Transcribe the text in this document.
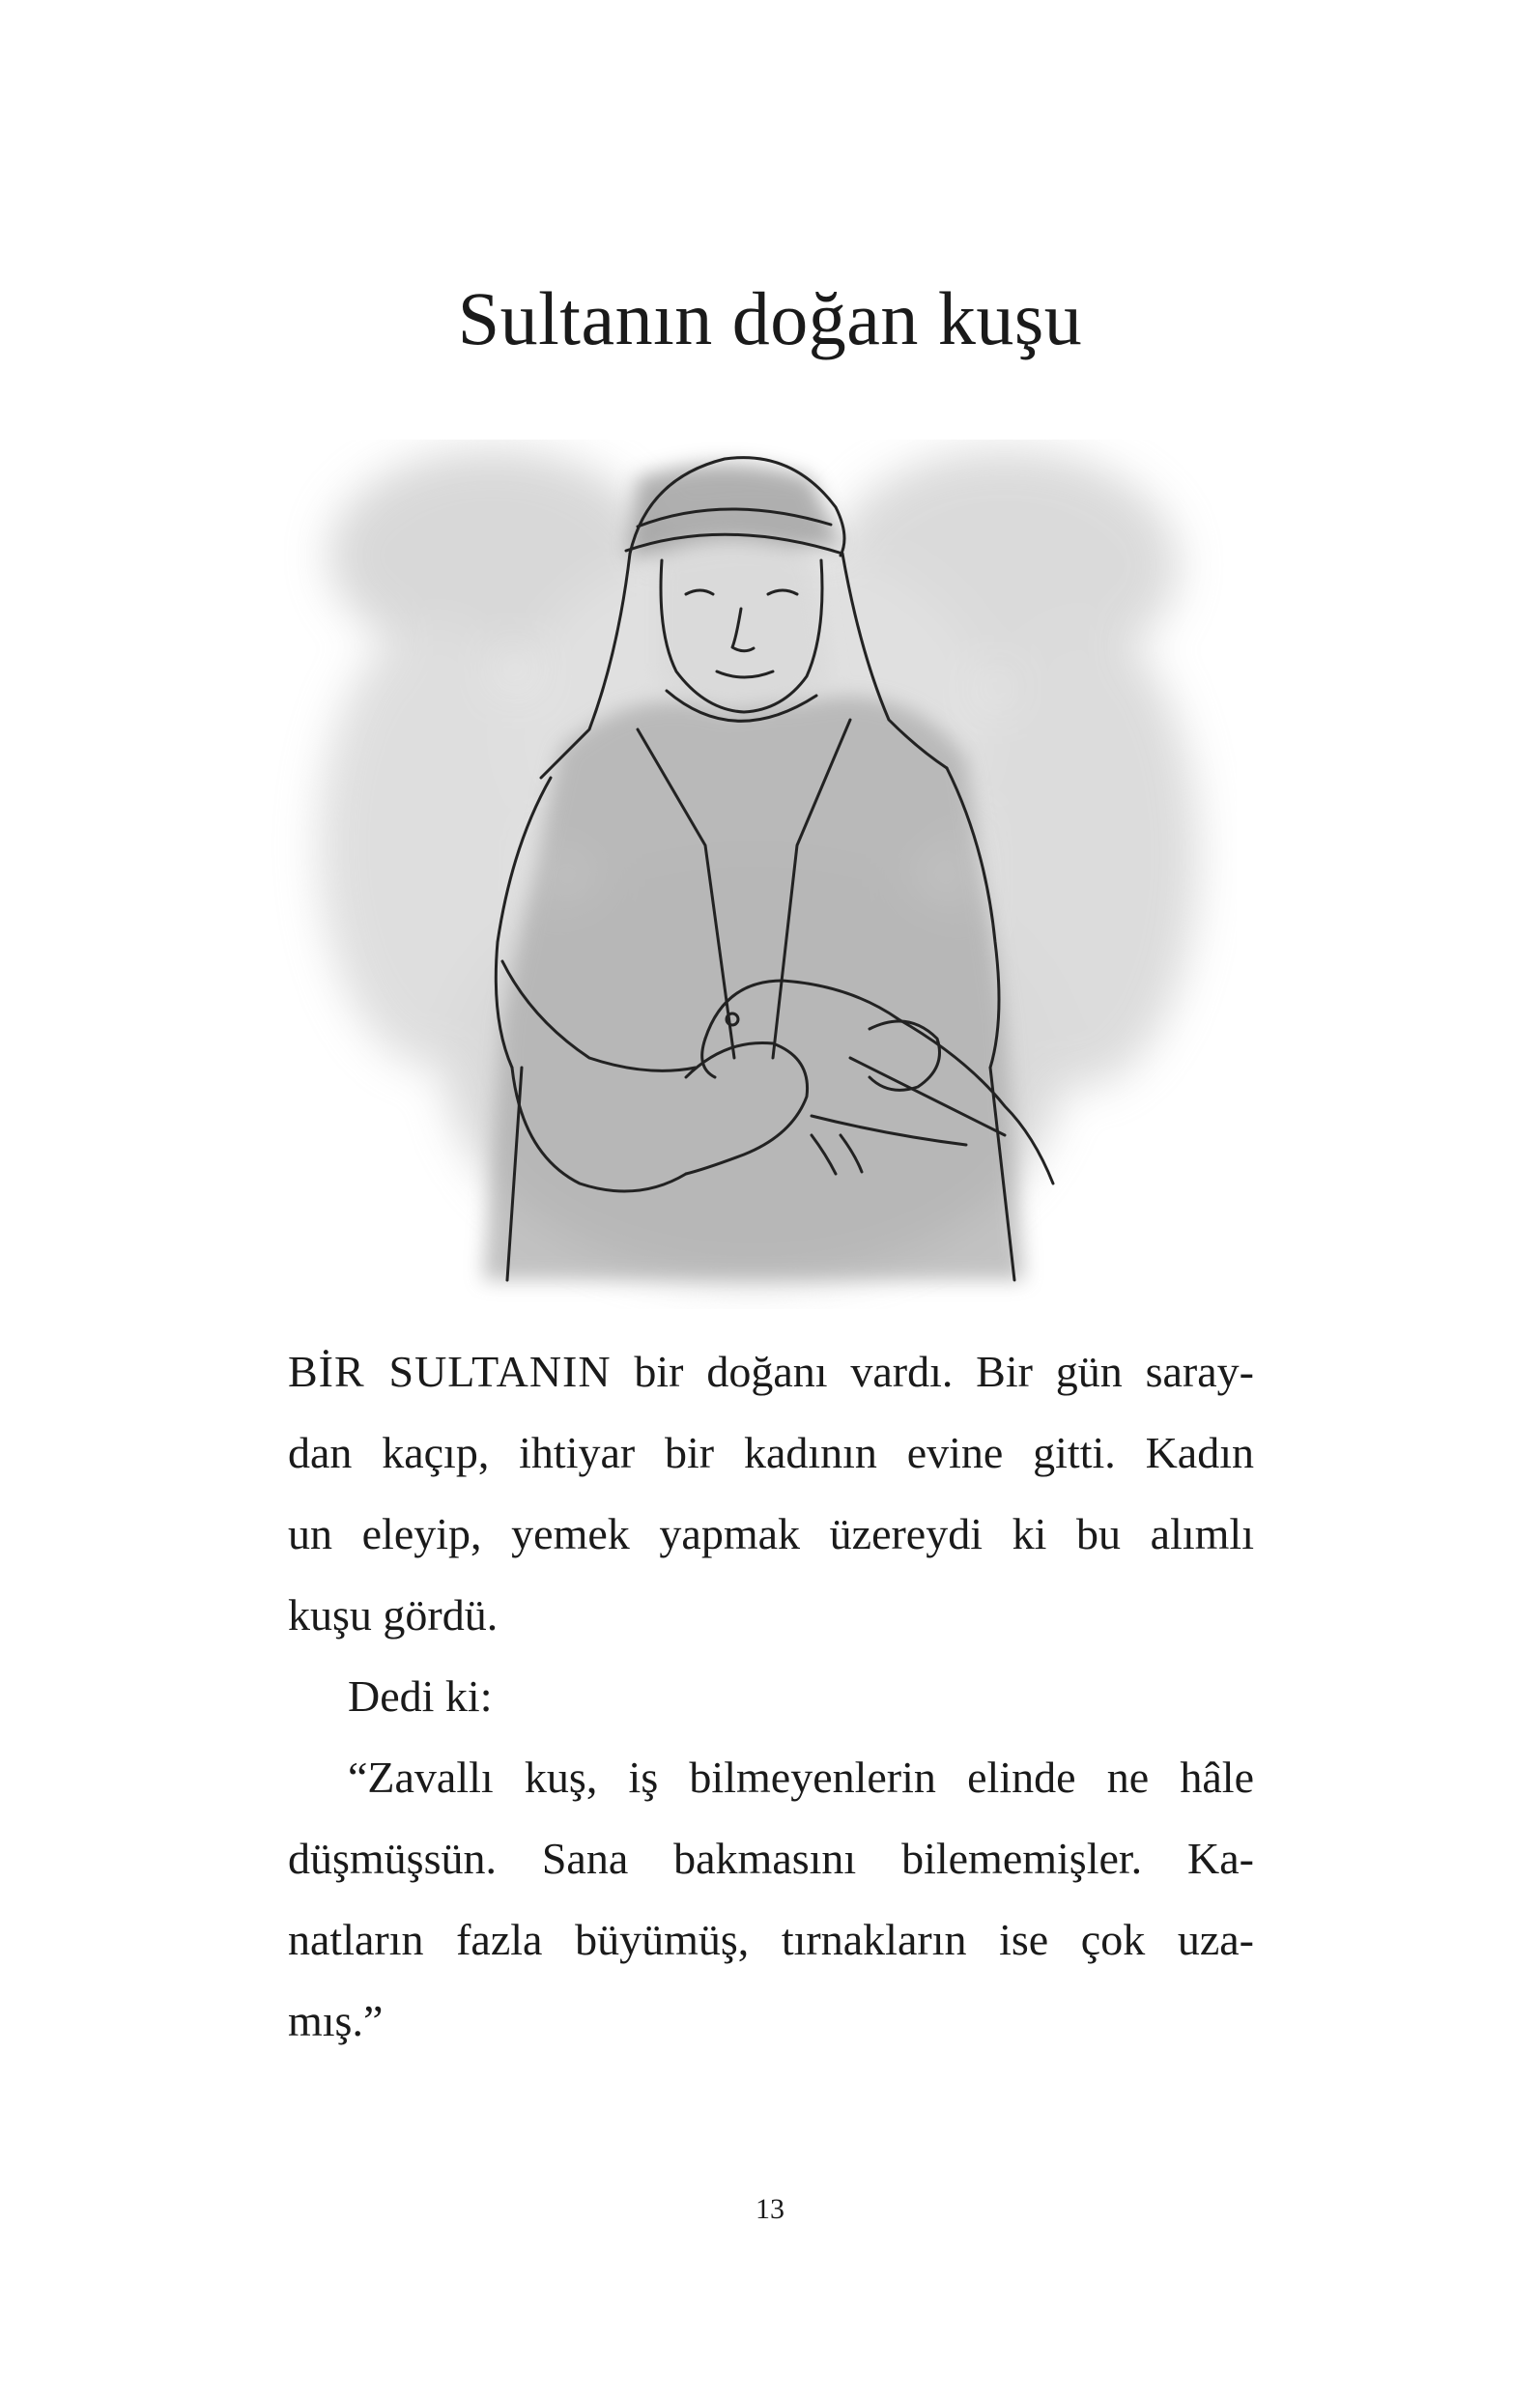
Sultanın doğan kuşu

BİR SULTANIN bir doğanı vardı. Bir gün saray-
dan kaçıp, ihtiyar bir kadının evine gitti. Kadın
un eleyip, yemek yapmak üzereydi ki bu alımlı
kuşu gördü.

Dedi ki:

“Zavallı kuş, iş bilmeyenlerin elinde ne hâle
düşmüşsün. Sana bakmasını bilememişler. Ka-
natların fazla büyümüş, tırnakların ise çok uza-
mış.”

13
